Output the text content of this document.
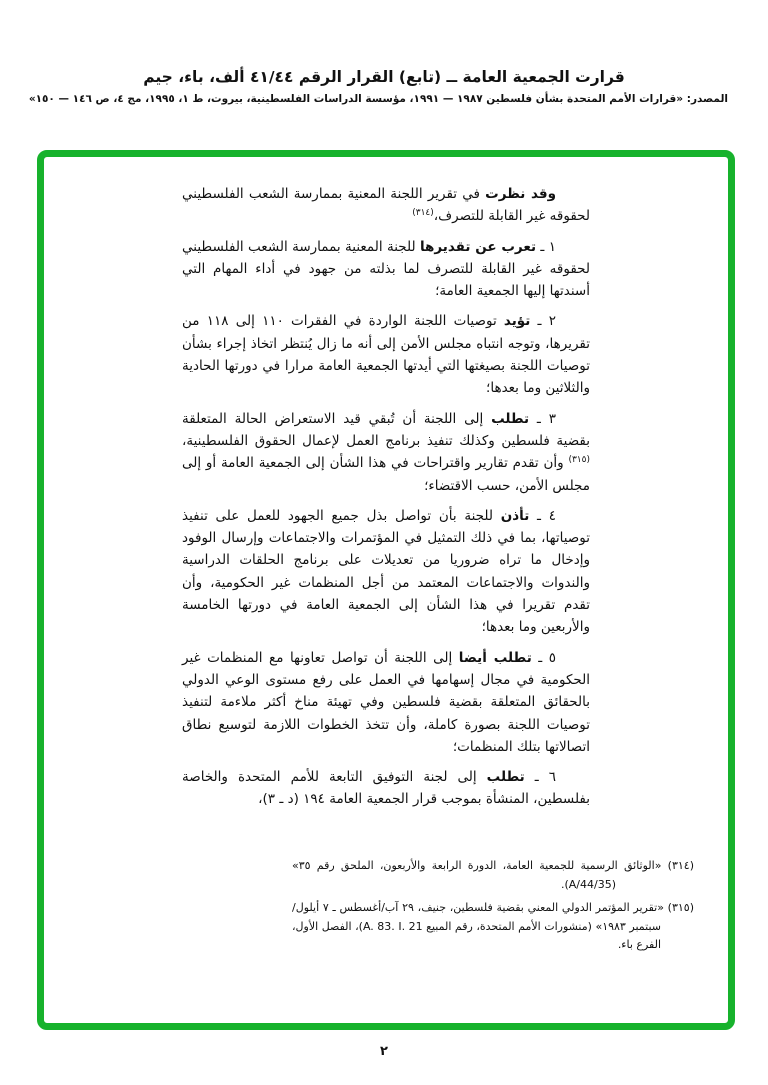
قرارت الجمعية العامة ــ (تابع) القرار الرقم ٤١/٤٤ ألف، باء، جيم
المصدر: «قرارات الأمم المتحدة بشأن فلسطين ١٩٨٧ — ١٩٩١، مؤسسة الدراسات الفلسطينية، بيروت، ط ١، ١٩٩٥، مج ٤، ص ١٤٦ — ١٥٠»

وقد نظرت في تقرير اللجنة المعنية بممارسة الشعب الفلسطيني لحقوقه غير القابلة للتصرف،$^{(٣١٤)}$

١ ـ تعرب عن تقديرها للجنة المعنية بممارسة الشعب الفلسطيني لحقوقه غير القابلة للتصرف لما بذلته من جهود في أداء المهام التي أسندتها إليها الجمعية العامة؛

٢ ـ تؤيد توصيات اللجنة الواردة في الفقرات ١١٠ إلى ١١٨ من تقريرها، وتوجه انتباه مجلس الأمن إلى أنه ما زال يُنتظر اتخاذ إجراء بشأن توصيات اللجنة بصيغتها التي أيدتها الجمعية العامة مرارا في دورتها الحادية والثلاثين وما بعدها؛

٣ ـ تطلب إلى اللجنة أن تُبقي قيد الاستعراض الحالة المتعلقة بقضية فلسطين وكذلك تنفيذ برنامج العمل لإعمال الحقوق الفلسطينية،$^{(٣١٥)}$ وأن تقدم تقارير واقتراحات في هذا الشأن إلى الجمعية العامة أو إلى مجلس الأمن، حسب الاقتضاء؛

٤ ـ تأذن للجنة بأن تواصل بذل جميع الجهود للعمل على تنفيذ توصياتها، بما في ذلك التمثيل في المؤتمرات والاجتماعات وإرسال الوفود وإدخال ما تراه ضروريا من تعديلات على برنامج الحلقات الدراسية والندوات والاجتماعات المعتمد من أجل المنظمات غير الحكومية، وأن تقدم تقريرا في هذا الشأن إلى الجمعية العامة في دورتها الخامسة والأربعين وما بعدها؛

٥ ـ تطلب أيضا إلى اللجنة أن تواصل تعاونها مع المنظمات غير الحكومية في مجال إسهامها في العمل على رفع مستوى الوعي الدولي بالحقائق المتعلقة بقضية فلسطين وفي تهيئة مناخ أكثر ملاءمة لتنفيذ توصيات اللجنة بصورة كاملة، وأن تتخذ الخطوات اللازمة لتوسيع نطاق اتصالاتها بتلك المنظمات؛

٦ ـ تطلب إلى لجنة التوفيق التابعة للأمم المتحدة والخاصة بفلسطين، المنشأة بموجب قرار الجمعية العامة ١٩٤ (د ـ ٣)،

(٣١٤) «الوثائق الرسمية للجمعية العامة، الدورة الرابعة والأربعون، الملحق رقم ٣٥» (A/44/35).

(٣١٥) «تقرير المؤتمر الدولي المعني بقضية فلسطين، جنيف، ٢٩ آب/أغسطس ـ ٧ أيلول/سبتمبر ١٩٨٣» (منشورات الأمم المتحدة، رقم المبيع A. 83. I. 21)، الفصل الأول، الفرع باء.

٢
